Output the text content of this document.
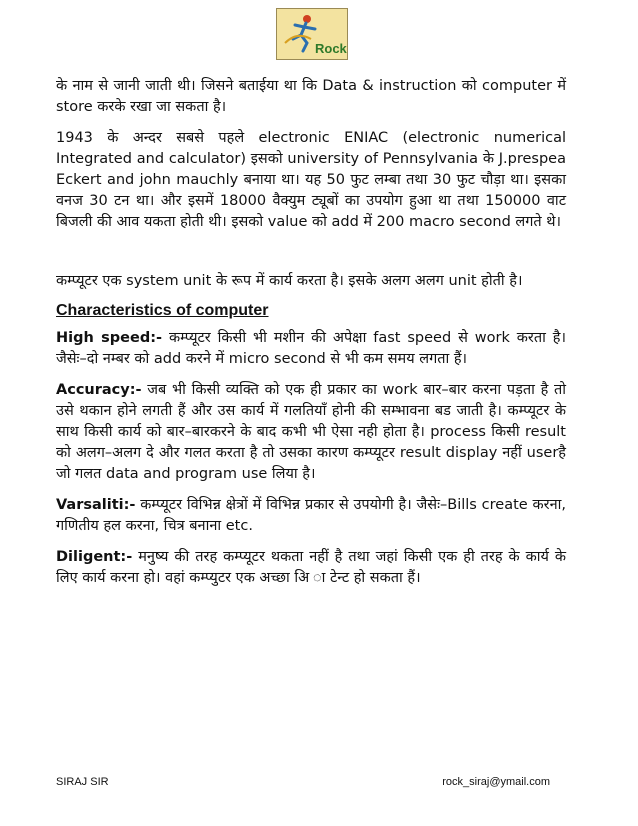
Rock

के नाम से जानी जाती थी। जिसने बताईया था कि Data & instruction को computer में store करके रखा जा सकता है।

1943 के अन्दर सबसे पहले electronic ENIAC (electronic numerical Integrated and calculator) इसको university of Pennsylvania के J.prespea Eckert and john mauchly बनाया था। यह 50 फुट लम्बा तथा 30 फुट चौड़ा था। इसका वनज 30 टन था। और इसमें 18000 वैक्युम ट्यूबों का उपयोग हुआ था तथा 150000 वाट बिजली की आव यकता होती थी। इसको value को add में 200 macro second लगते थे।

कम्प्यूटर एक system unit के रूप में कार्य करता है। इसके अलग अलग unit होती है।

Characteristics of computer

High speed:- कम्प्यूटर किसी भी मशीन की अपेक्षा fast speed से work करता है। जैसेः–दो नम्बर को add करने में micro second से भी कम समय लगता हैं।

Accuracy:- जब भी किसी व्यक्ति को एक ही प्रकार का work बार–बार करना पड़ता है तो उसे थकान होने लगती हैं और उस कार्य में गलतियॉं होनी की सम्भावना बड जाती है। कम्प्यूटर के साथ किसी कार्य को बार–बारकरने के बाद कभी भी ऐसा नही होता है। process किसी result को अलग–अलग दे और गलत करता है तो उसका कारण कम्प्यूटर result display नहीं userहै जो गलत data and program use लिया है।

Varsaliti:- कम्प्यूटर विभिन्न क्षेत्रों में विभिन्न प्रकार से उपयोगी है। जैसेः–Bills create करना, गणितीय हल करना, चित्र बनाना etc.

Diligent:- मनुष्य की तरह कम्प्यूटर थकता नहीं है तथा जहां किसी एक ही तरह के कार्य के लिए कार्य करना हो। वहां कम्प्युटर एक अच्छा अि ा टेन्ट हो सकता हैं।

SIRAJ SIR	rock_siraj@ymail.com
